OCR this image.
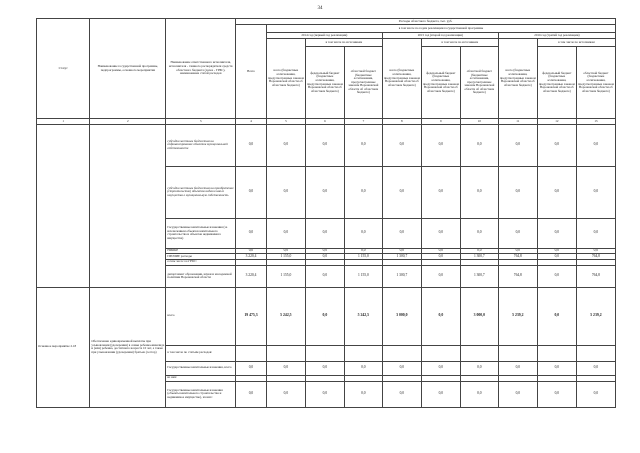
34
Статус	Наименование государственной программы, подпрограммы, основного мероприятия	Наименование ответственного исполнителя, исполнителя - главного распорядителя средств областного бюджета (далее - ГРБС), наименование статей расходов	Расходы областного бюджета, тыс. руб.									
			Всего	в том числе по годам реализации государственной программы								
				2014 год (первый год реализации)			2015 год (второй год реализации)			2016 год (третий год реализации)		
				всего (бюджетные ассигнования, предусмотренные законом Воронежской области об областном бюджете)	в том числе по источникам		всего (бюджетные ассигнования, предусмотренные законом Воронежской области об областном бюджете)	в том числе по источникам		всего (бюджетные ассигнования, предусмотренные законом Воронежской области об областном бюджете)	в том числе по источникам	
					федеральный бюджет (бюджетные ассигнования, предусмотренные законом Воронежской области об областном бюджете)	областной бюджет (бюджетные ассигнования, предусмотренные законом Воронежской области об областном бюджете)		федеральный бюджет (бюджетные ассигнования, предусмотренные законом Воронежской области об областном бюджете)	областной бюджет (бюджетные ассигнования, предусмотренные законом Воронежской области об областном бюджете)		федеральный бюджет (бюджетные ассигнования, предусмотренные законом Воронежской области об областном бюджете)	областной бюджет (бюджетные ассигнования, предусмотренные законом Воронежской области об областном бюджете)
1	2	3	4	5	6	7	8	9	10	11	12	13
		субсидии местным бюджетам на софинансирование объектов муниципальной собственности	0,0	0,0	0,0	0,0	0,0	0,0	0,0	0,0	0,0	0,0
		субсидии местным бюджетам на приобретение (строительство) объектов недвижимого имущества в муниципальную собственность	0,0	0,0	0,0	0,0	0,0	0,0	0,0	0,0	0,0	0,0
		Государственные капитальные вложения (за исключением объектов капитального строительства и объектов недвижимого имущества)	0,0	0,0	0,0	0,0	0,0	0,0	0,0	0,0	0,0	0,0
		НИОКР	0,0	0,0	0,0	0,0	0,0	0,0	0,0	0,0	0,0	0,0
		ПРОЧИЕ расходы	3 220,4	1 155,0	0,0	1 155,0	1 300,7	0,0	1 300,7	764,8	0,0	764,8
		в том числе по ГРБС:										
		департамент образования, науки и молодежной политики Воронежской области	3 220,4	1 155,0	0,0	1 155,0	1 300,7	0,0	1 300,7	764,8	0,0	764,8
Основное мероприятие 2.18	Обеспечение единовременной выплаты при усыновлении (удочерении) в семьи ребенка-инвалида и (или) ребенка, достигшего возраста 10 лет, а также при усыновлении (удочерении) братьев (сестер)	всего	19 475,3	5 242,5	0,0	5 242,5	3 000,0	0,0	3 000,0	5 239,2	0,0	5 239,2
		в том числе по статьям расходов:										
		Государственные капитальные вложения, всего	0,0	0,0	0,0	0,0	0,0	0,0	0,0	0,0	0,0	0,0
		из них:										
		Государственные капитальные вложения (объекты капитального строительства и недвижимое имущество), из них:	0,0	0,0	0,0	0,0	0,0	0,0	0,0	0,0	0,0	0,0
